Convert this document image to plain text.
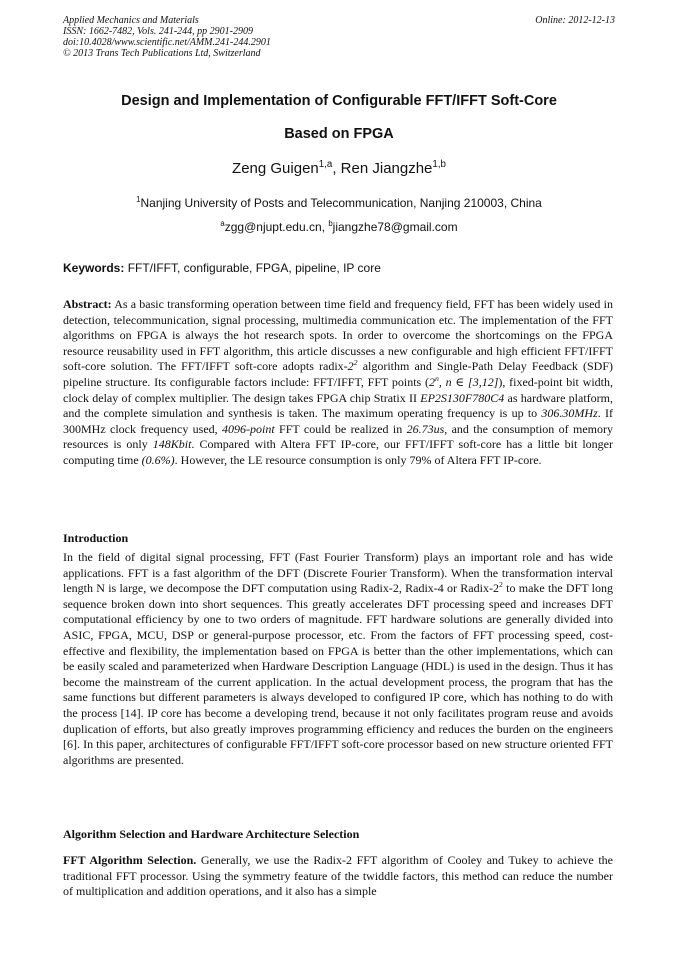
Applied Mechanics and Materials
ISSN: 1662-7482, Vols. 241-244, pp 2901-2909
doi:10.4028/www.scientific.net/AMM.241-244.2901
© 2013 Trans Tech Publications Ltd, Switzerland
Online: 2012-12-13
Design and Implementation of Configurable FFT/IFFT Soft-Core
Based on FPGA
Zeng Guigen$^{1,a}$, Ren Jiangzhe$^{1,b}$
$^1$Nanjing University of Posts and Telecommunication, Nanjing 210003, China
$^a$zgg@njupt.edu.cn, $^b$jiangzhe78@gmail.com
Keywords: FFT/IFFT, configurable, FPGA, pipeline, IP core
Abstract: As a basic transforming operation between time field and frequency field, FFT has been widely used in detection, telecommunication, signal processing, multimedia communication etc. The implementation of the FFT algorithms on FPGA is always the hot research spots. In order to overcome the shortcomings on the FPGA resource reusability used in FFT algorithm, this article discusses a new configurable and high efficient FFT/IFFT soft-core solution. The FFT/IFFT soft-core adopts radix-$2^2$ algorithm and Single-Path Delay Feedback (SDF) pipeline structure. Its configurable factors include: FFT/IFFT, FFT points (2$^n$, n ∈ [3,12]), fixed-point bit width, clock delay of complex multiplier. The design takes FPGA chip Stratix II EP2S130F780C4 as hardware platform, and the complete simulation and synthesis is taken. The maximum operating frequency is up to 306.30MHz. If 300MHz clock frequency used, 4096-point FFT could be realized in 26.73us, and the consumption of memory resources is only 148Kbit. Compared with Altera FFT IP-core, our FFT/IFFT soft-core has a little bit longer computing time (0.6%). However, the LE resource consumption is only 79% of Altera FFT IP-core.
Introduction
In the field of digital signal processing, FFT (Fast Fourier Transform) plays an important role and has wide applications. FFT is a fast algorithm of the DFT (Discrete Fourier Transform). When the transformation interval length N is large, we decompose the DFT computation using Radix-2, Radix-4 or Radix-$2^2$ to make the DFT long sequence broken down into short sequences. This greatly accelerates DFT processing speed and increases DFT computational efficiency by one to two orders of magnitude. FFT hardware solutions are generally divided into ASIC, FPGA, MCU, DSP or general-purpose processor, etc. From the factors of FFT processing speed, cost-effective and flexibility, the implementation based on FPGA is better than the other implementations, which can be easily scaled and parameterized when Hardware Description Language (HDL) is used in the design. Thus it has become the mainstream of the current application. In the actual development process, the program that has the same functions but different parameters is always developed to configured IP core, which has nothing to do with the process [14]. IP core has become a developing trend, because it not only facilitates program reuse and avoids duplication of efforts, but also greatly improves programming efficiency and reduces the burden on the engineers [6]. In this paper, architectures of configurable FFT/IFFT soft-core processor based on new structure oriented FFT algorithms are presented.
Algorithm Selection and Hardware Architecture Selection
FFT Algorithm Selection. Generally, we use the Radix-2 FFT algorithm of Cooley and Tukey to achieve the traditional FFT processor. Using the symmetry feature of the twiddle factors, this method can reduce the number of multiplication and addition operations, and it also has a simple
